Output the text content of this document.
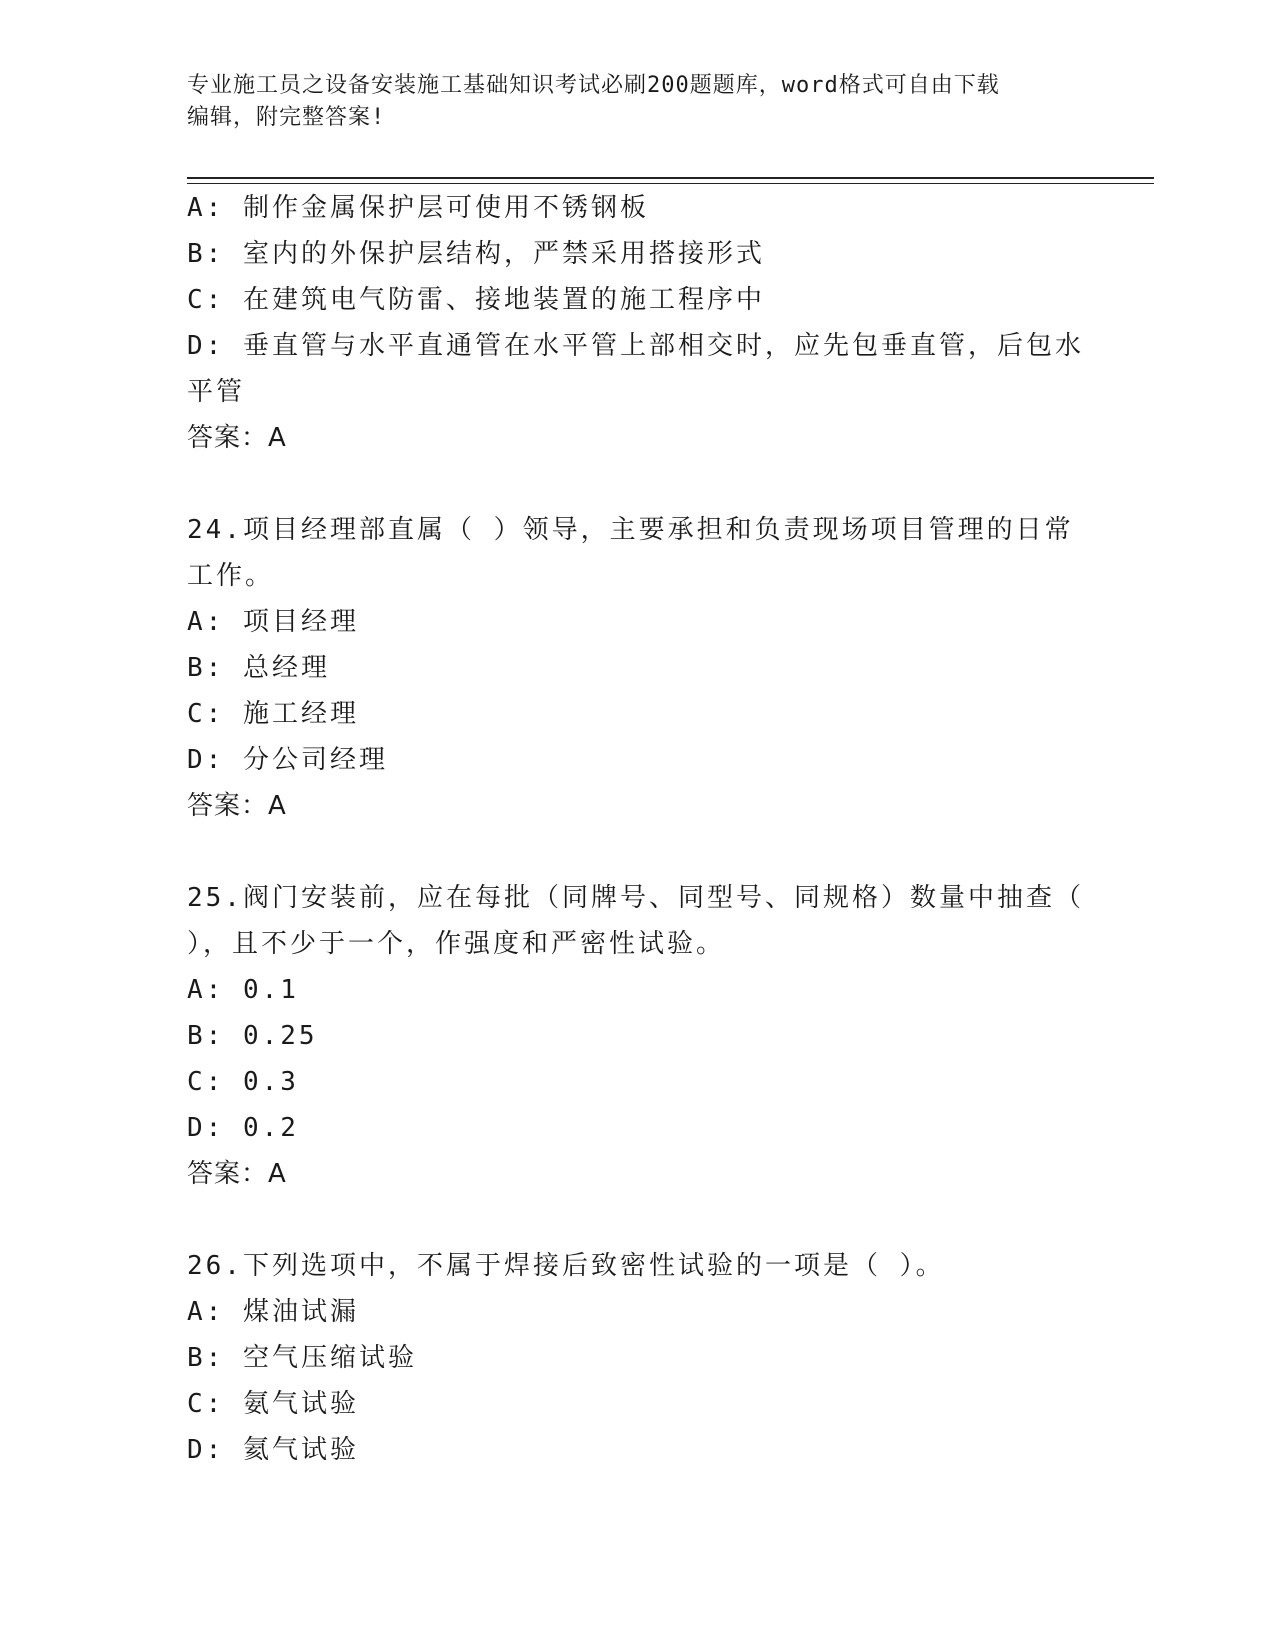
专业施工员之设备安装施工基础知识考试必刷200题题库，word格式可自由下载
编辑，附完整答案!
A: 制作金属保护层可使用不锈钢板
B: 室内的外保护层结构，严禁采用搭接形式
C: 在建筑电气防雷、接地装置的施工程序中
D: 垂直管与水平直通管在水平管上部相交时，应先包垂直管，后包水
平管
答案：A
24.项目经理部直属（ ）领导，主要承担和负责现场项目管理的日常
工作。
A: 项目经理
B: 总经理
C: 施工经理
D: 分公司经理
答案：A
25.阀门安装前，应在每批（同牌号、同型号、同规格）数量中抽查（
），且不少于一个，作强度和严密性试验。
A: 0.1
B: 0.25
C: 0.3
D: 0.2
答案：A
26.下列选项中，不属于焊接后致密性试验的一项是（ ）。
A: 煤油试漏
B: 空气压缩试验
C: 氨气试验
D: 氦气试验
